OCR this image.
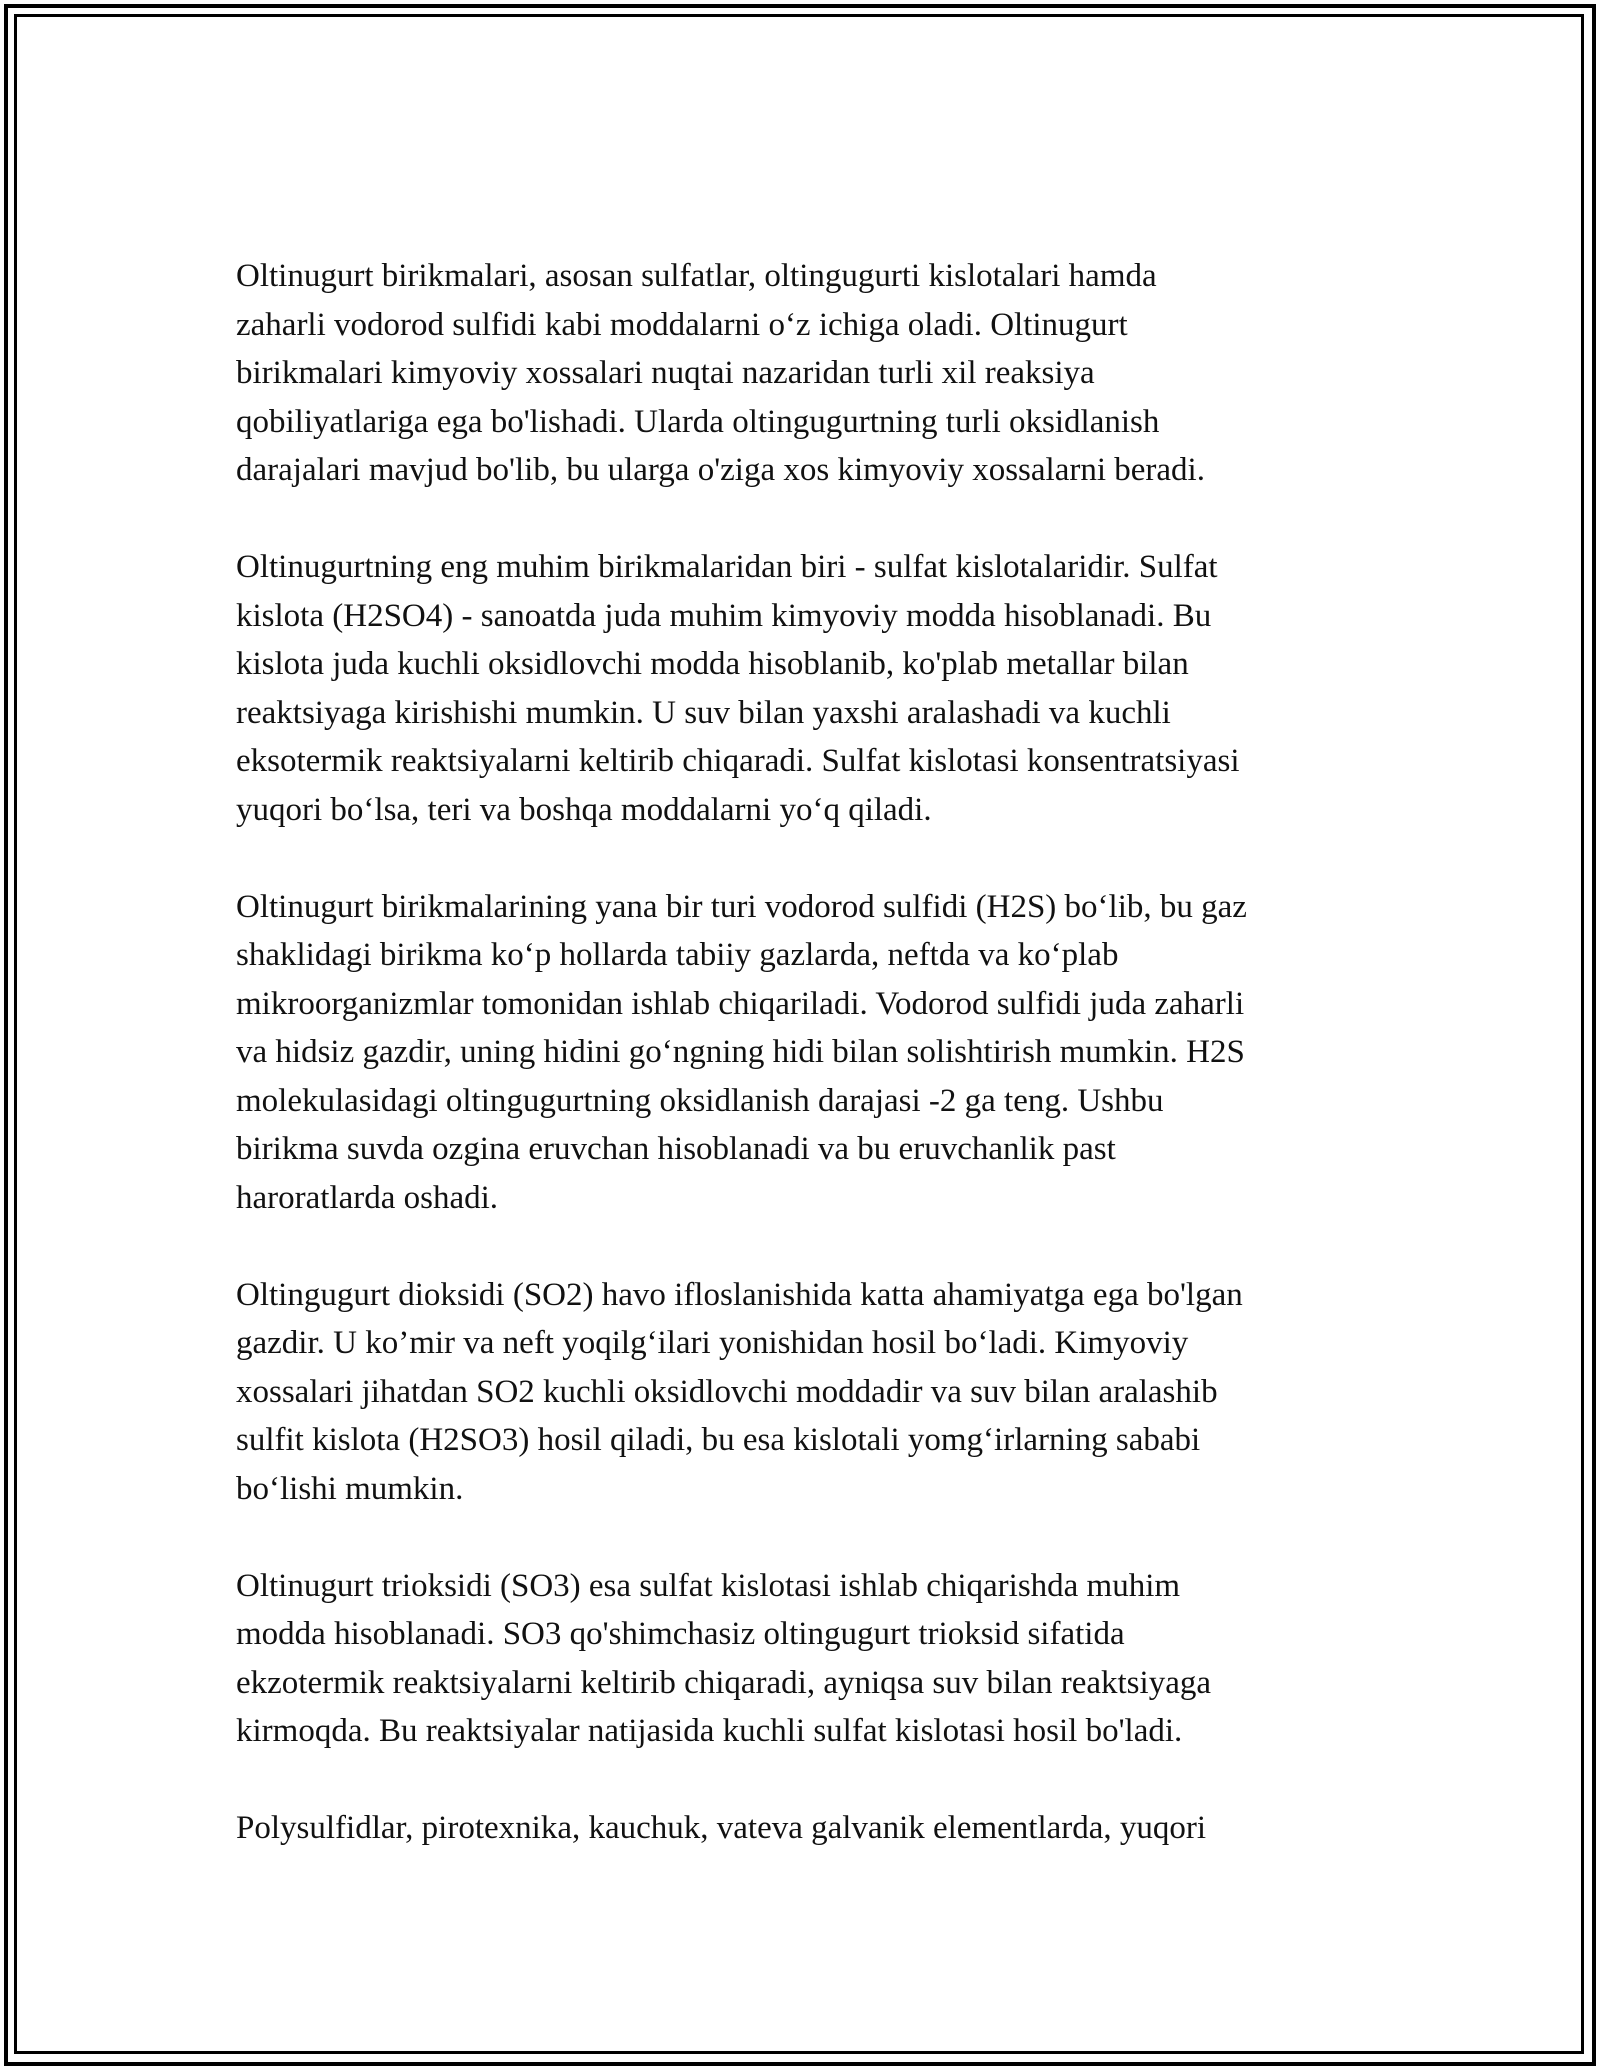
Oltinugurt birikmalari, asosan sulfatlar, oltingugurti kislotalari hamda
zaharli vodorod sulfidi kabi moddalarni o‘z ichiga oladi. Oltinugurt
birikmalari kimyoviy xossalari nuqtai nazaridan turli xil reaksiya
qobiliyatlariga ega bo'lishadi. Ularda oltingugurtning turli oksidlanish
darajalari mavjud bo'lib, bu ularga o'ziga xos kimyoviy xossalarni beradi.

Oltinugurtning eng muhim birikmalaridan biri - sulfat kislotalaridir. Sulfat
kislota (H2SO4) - sanoatda juda muhim kimyoviy modda hisoblanadi. Bu
kislota juda kuchli oksidlovchi modda hisoblanib, ko'plab metallar bilan
reaktsiyaga kirishishi mumkin. U suv bilan yaxshi aralashadi va kuchli
eksotermik reaktsiyalarni keltirib chiqaradi. Sulfat kislotasi konsentratsiyasi
yuqori bo‘lsa, teri va boshqa moddalarni yo‘q qiladi.

Oltinugurt birikmalarining yana bir turi vodorod sulfidi (H2S) bo‘lib, bu gaz
shaklidagi birikma ko‘p hollarda tabiiy gazlarda, neftda va ko‘plab
mikroorganizmlar tomonidan ishlab chiqariladi. Vodorod sulfidi juda zaharli
va hidsiz gazdir, uning hidini go‘ngning hidi bilan solishtirish mumkin. H2S
molekulasidagi oltingugurtning oksidlanish darajasi -2 ga teng. Ushbu
birikma suvda ozgina eruvchan hisoblanadi va bu eruvchanlik past
haroratlarda oshadi.

Oltingugurt dioksidi (SO2) havo ifloslanishida katta ahamiyatga ega bo'lgan
gazdir. U ko’mir va neft yoqilg‘ilari yonishidan hosil bo‘ladi. Kimyoviy
xossalari jihatdan SO2 kuchli oksidlovchi moddadir va suv bilan aralashib
sulfit kislota (H2SO3) hosil qiladi, bu esa kislotali yomg‘irlarning sababi
bo‘lishi mumkin.

Oltinugurt trioksidi (SO3) esa sulfat kislotasi ishlab chiqarishda muhim
modda hisoblanadi. SO3 qo'shimchasiz oltingugurt trioksid sifatida
ekzotermik reaktsiyalarni keltirib chiqaradi, ayniqsa suv bilan reaktsiyaga
kirmoqda. Bu reaktsiyalar natijasida kuchli sulfat kislotasi hosil bo'ladi.

Polysulfidlar, pirotexnika, kauchuk, vateva galvanik elementlarda, yuqori
